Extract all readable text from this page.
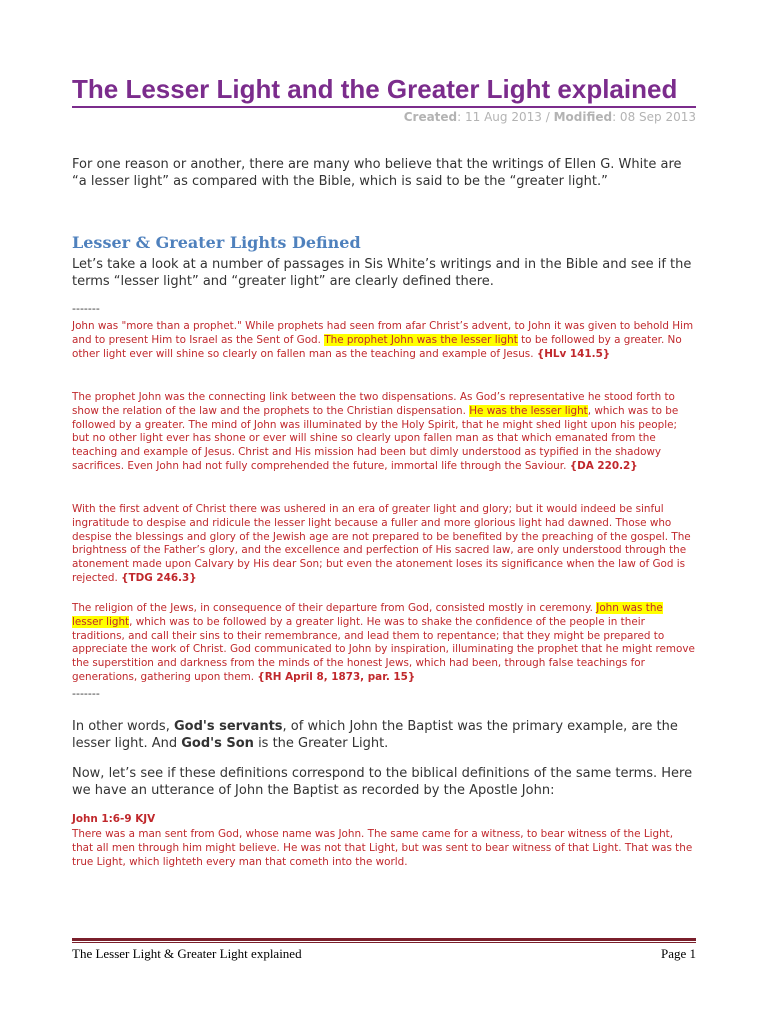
The Lesser Light and the Greater Light explained
Created: 11 Aug 2013 / Modified: 08 Sep 2013

For one reason or another, there are many who believe that the writings of Ellen G. White are “a lesser light” as compared with the Bible, which is said to be the “greater light.”

Lesser & Greater Lights Defined

Let’s take a look at a number of passages in Sis White’s writings and in the Bible and see if the terms “lesser light” and “greater light” are clearly defined there.

-------

John was "more than a prophet." While prophets had seen from afar Christ’s advent, to John it was given to behold Him and to present Him to Israel as the Sent of God. The prophet John was the lesser light to be followed by a greater. No other light ever will shine so clearly on fallen man as the teaching and example of Jesus. {HLv 141.5}

The prophet John was the connecting link between the two dispensations. As God’s representative he stood forth to show the relation of the law and the prophets to the Christian dispensation. He was the lesser light, which was to be followed by a greater. The mind of John was illuminated by the Holy Spirit, that he might shed light upon his people; but no other light ever has shone or ever will shine so clearly upon fallen man as that which emanated from the teaching and example of Jesus. Christ and His mission had been but dimly understood as typified in the shadowy sacrifices. Even John had not fully comprehended the future, immortal life through the Saviour. {DA 220.2}

With the first advent of Christ there was ushered in an era of greater light and glory; but it would indeed be sinful ingratitude to despise and ridicule the lesser light because a fuller and more glorious light had dawned. Those who despise the blessings and glory of the Jewish age are not prepared to be benefited by the preaching of the gospel. The brightness of the Father’s glory, and the excellence and perfection of His sacred law, are only understood through the atonement made upon Calvary by His dear Son; but even the atonement loses its significance when the law of God is rejected. {TDG 246.3}

The religion of the Jews, in consequence of their departure from God, consisted mostly in ceremony. John was the lesser light, which was to be followed by a greater light. He was to shake the confidence of the people in their traditions, and call their sins to their remembrance, and lead them to repentance; that they might be prepared to appreciate the work of Christ. God communicated to John by inspiration, illuminating the prophet that he might remove the superstition and darkness from the minds of the honest Jews, which had been, through false teachings for generations, gathering upon them. {RH April 8, 1873, par. 15}

-------

In other words, God's servants, of which John the Baptist was the primary example, are the lesser light. And God's Son is the Greater Light.

Now, let’s see if these definitions correspond to the biblical definitions of the same terms. Here we have an utterance of John the Baptist as recorded by the Apostle John:

John 1:6-9 KJV

There was a man sent from God, whose name was John. The same came for a witness, to bear witness of the Light, that all men through him might believe. He was not that Light, but was sent to bear witness of that Light. That was the true Light, which lighteth every man that cometh into the world.

The Lesser Light & Greater Light explained	Page 1
